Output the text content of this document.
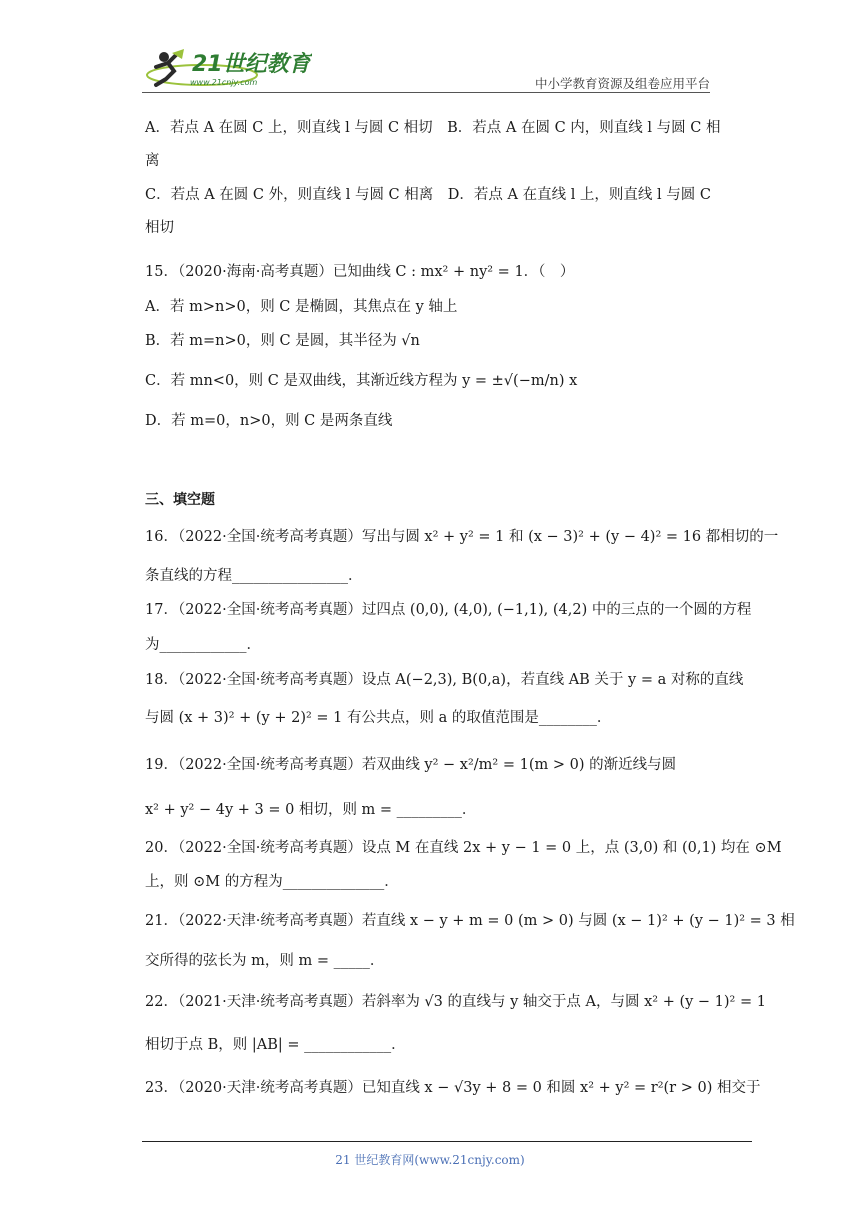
21世纪教育
www.21cnjy.com	中小学教育资源及组卷应用平台
A．若点 A 在圆 C 上，则直线 l 与圆 C 相切　B．若点 A 在圆 C 内，则直线 l 与圆 C 相
离
C．若点 A 在圆 C 外，则直线 l 与圆 C 相离　D．若点 A 在直线 l 上，则直线 l 与圆 C
相切
15．（2020·海南·高考真题）已知曲线 C : mx² + ny² = 1．（　）
A．若 m>n>0，则 C 是椭圆，其焦点在 y 轴上
B．若 m=n>0，则 C 是圆，其半径为 √n
C．若 mn<0，则 C 是双曲线，其渐近线方程为 y = ±√(−m/n) x
D．若 m=0，n>0，则 C 是两条直线
三、填空题
16．（2022·全国·统考高考真题）写出与圆 x² + y² = 1 和 (x − 3)² + (y − 4)² = 16 都相切的一
条直线的方程________________．
17．（2022·全国·统考高考真题）过四点 (0,0), (4,0), (−1,1), (4,2) 中的三点的一个圆的方程
为____________．
18．（2022·全国·统考高考真题）设点 A(−2,3), B(0,a)，若直线 AB 关于 y = a 对称的直线
与圆 (x + 3)² + (y + 2)² = 1 有公共点，则 a 的取值范围是________．
19．（2022·全国·统考高考真题）若双曲线 y² − x²/m² = 1(m > 0) 的渐近线与圆
x² + y² − 4y + 3 = 0 相切，则 m = _________．
20．（2022·全国·统考高考真题）设点 M 在直线 2x + y − 1 = 0 上，点 (3,0) 和 (0,1) 均在 ⊙M
上，则 ⊙M 的方程为______________．
21．（2022·天津·统考高考真题）若直线 x − y + m = 0 (m > 0) 与圆 (x − 1)² + (y − 1)² = 3 相
交所得的弦长为 m，则 m = _____．
22．（2021·天津·统考高考真题）若斜率为 √3 的直线与 y 轴交于点 A，与圆 x² + (y − 1)² = 1
相切于点 B，则 |AB| = ____________．
23．（2020·天津·统考高考真题）已知直线 x − √3y + 8 = 0 和圆 x² + y² = r²(r > 0) 相交于
21 世纪教育网(www.21cnjy.com)
